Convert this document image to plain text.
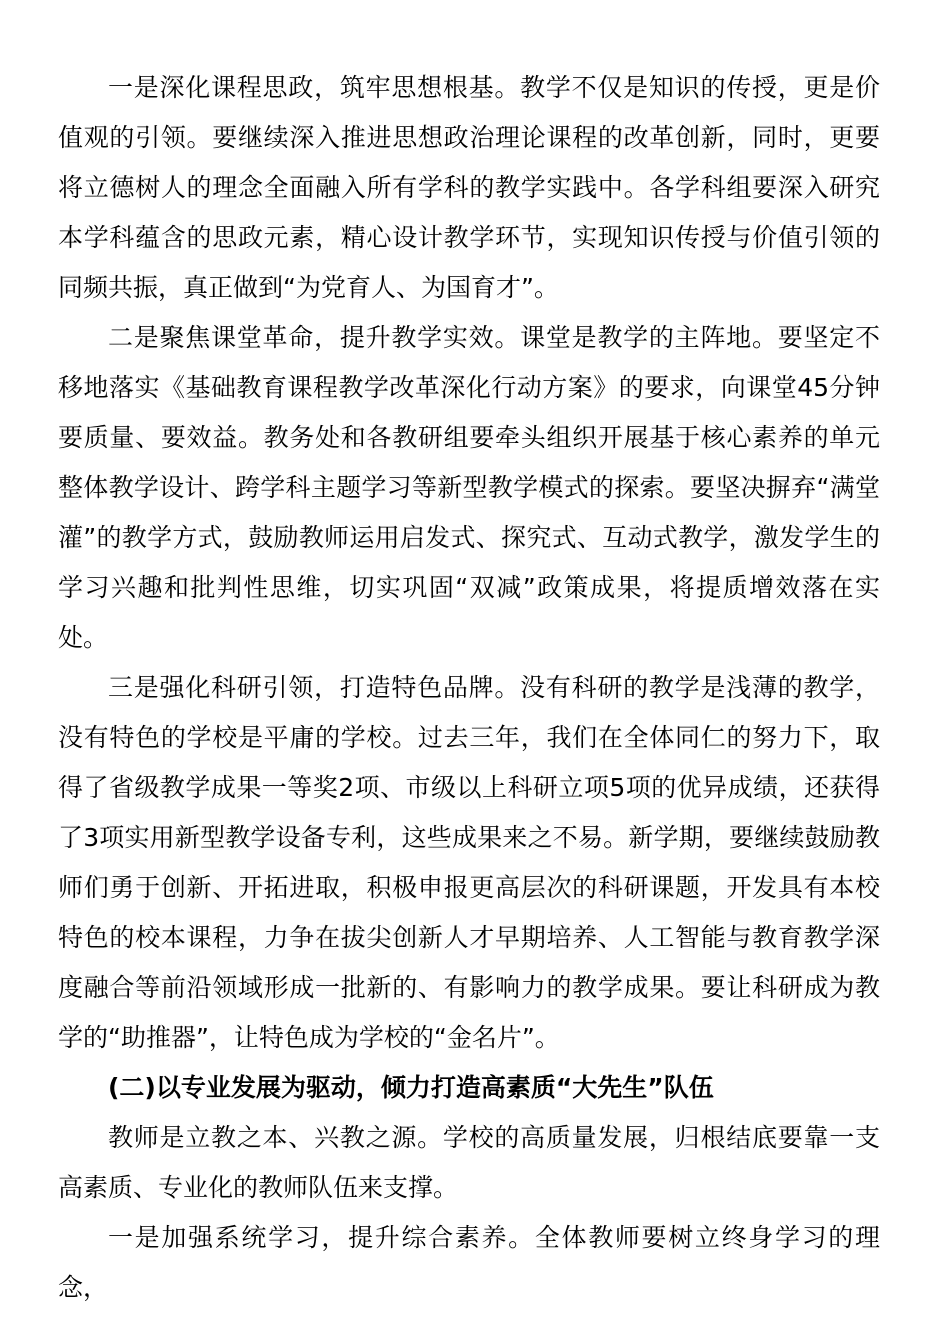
一是深化课程思政，筑牢思想根基。教学不仅是知识的传授，更是价值观的引领。要继续深入推进思想政治理论课程的改革创新，同时，更要将立德树人的理念全面融入所有学科的教学实践中。各学科组要深入研究本学科蕴含的思政元素，精心设计教学环节，实现知识传授与价值引领的同频共振，真正做到“为党育人、为国育才”。

二是聚焦课堂革命，提升教学实效。课堂是教学的主阵地。要坚定不移地落实《基础教育课程教学改革深化行动方案》的要求，向课堂45分钟要质量、要效益。教务处和各教研组要牵头组织开展基于核心素养的单元整体教学设计、跨学科主题学习等新型教学模式的探索。要坚决摒弃“满堂灌”的教学方式，鼓励教师运用启发式、探究式、互动式教学，激发学生的学习兴趣和批判性思维，切实巩固“双减”政策成果，将提质增效落在实处。

三是强化科研引领，打造特色品牌。没有科研的教学是浅薄的教学，没有特色的学校是平庸的学校。过去三年，我们在全体同仁的努力下，取得了省级教学成果一等奖2项、市级以上科研立项5项的优异成绩，还获得了3项实用新型教学设备专利，这些成果来之不易。新学期，要继续鼓励教师们勇于创新、开拓进取，积极申报更高层次的科研课题，开发具有本校特色的校本课程，力争在拔尖创新人才早期培养、人工智能与教育教学深度融合等前沿领域形成一批新的、有影响力的教学成果。要让科研成为教学的“助推器”，让特色成为学校的“金名片”。

(二)以专业发展为驱动，倾力打造高素质“大先生”队伍

教师是立教之本、兴教之源。学校的高质量发展，归根结底要靠一支高素质、专业化的教师队伍来支撑。

一是加强系统学习，提升综合素养。全体教师要树立终身学习的理念，
